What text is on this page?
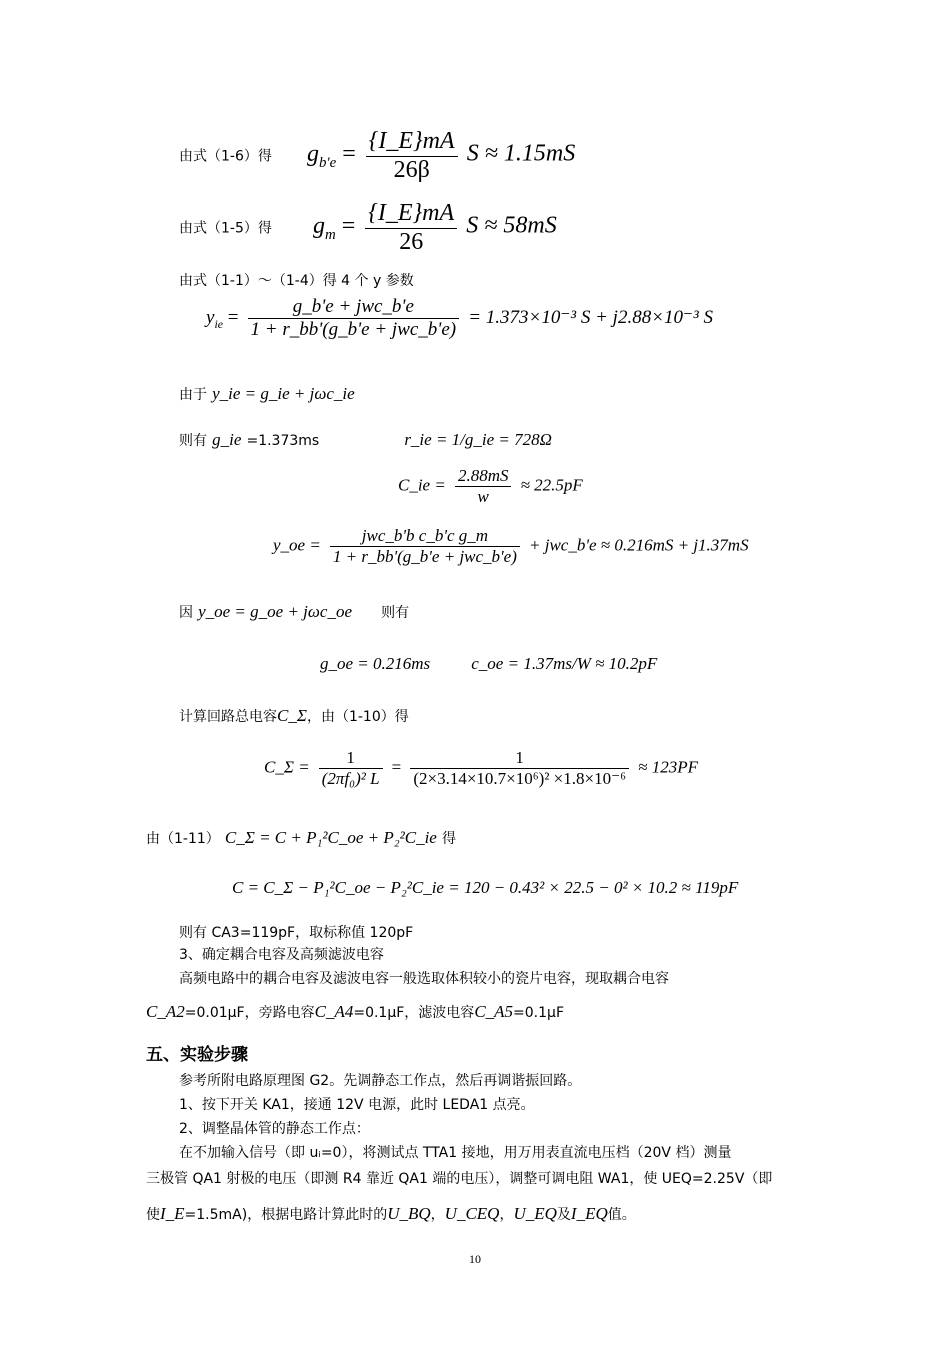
由式（1-6）得 $g_{b'e} = \frac{\{I\_E\}mA}{26\beta}$ S ≈ 1.15mS
由式（1-5）得 $g_m = \frac{\{I\_E\}mA}{26}$ S ≈ 58mS
由式（1-1）～（1-4）得 4 个 y 参数
$y_{ie} = \frac{\text{g\_b'e + jwc\_b'e}}{\text{1 + r\_bb'(g\_b'e + jwc\_b'e)}} = 1.373\times 10^{-3}$ S + j2.88×10⁻³ S
由于 y_ie = g_ie + jωc_ie
则有 g_ie =1.373ms	r_ie = 1/g_ie = 728Ω
C_ie = $\frac{2.88mS}{w} \approx 22.5pF$
y_oe = $\frac{\text{jwc\_b'b c\_b'c g\_m}}{\text{1 + r\_bb'(g\_b'e + jwc\_b'e)}}$ + jwc_b'e ≈ 0.216mS + j1.37mS
因 y_oe = g_oe + jωc_oe 则有
g_oe = 0.216ms c_oe = 1.37ms/W ≈ 10.2pF
计算回路总电容C_Σ，由（1-10）得
C_Σ = $\frac{1}{\text{(2πf₀)² L}} = \frac{1}{\text{(2×3.14×10.7×10⁶)² ×1.8×10⁻⁶}} \approx 123PF$
由（1-11） C_Σ = C + P₁²C_oe + P₂²C_ie 得
C = C_Σ − P₁²C_oe − P₂²C_ie = 120 − 0.43² × 22.5 − 0² × 10.2 ≈ 119pF
则有 CA3=119pF，取标称值 120pF
3、确定耦合电容及高频滤波电容
高频电路中的耦合电容及滤波电容一般选取体积较小的瓷片电容，现取耦合电容
C_A2=0.01μF，旁路电容C_A4=0.1μF，滤波电容C_A5=0.1μF
五、实验步骤
参考所附电路原理图 G2。先调静态工作点，然后再调谐振回路。
1、按下开关 KA1，接通 12V 电源，此时 LEDA1 点亮。
2、调整晶体管的静态工作点：
在不加输入信号（即 uᵢ=0），将测试点 TTA1 接地，用万用表直流电压档（20V 档）测量
三极管 QA1 射极的电压（即测 R4 靠近 QA1 端的电压），调整可调电阻 WA1，使 UEQ=2.25V（即
使I_E=1.5mA)，根据电路计算此时的U_BQ，U_CEQ，U_EQ及I_EQ值。
10
